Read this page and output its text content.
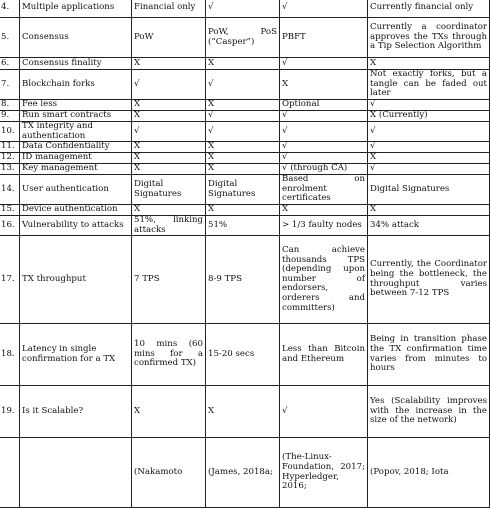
4.	Multiple applications	Financial only	√	√	Currently financial only
5.	Consensus	PoW	PoW, PoS (“Casper”)	PBFT	Currently a coordinator approves the TXs through a Tip Selection Algorithm
6.	Consensus finality	X	X	√	X
7.	Blockchain forks	√	√	X	Not exactly forks, but a tangle can be faded out later
8.	Fee less	X	X	Optional	√
9.	Run smart contracts	X	√	√	X (Currently)
10.	TX integrity and authentication	√	√	√	√
11.	Data Confidentiality	X	X	√	√
12.	ID management	X	X	√	X
13.	Key management	X	X	√ (through CA)	√
14.	User authentication	Digital Signatures	Digital Signatures	Based on enrolment certificates	Digital Signatures
15.	Device authentication	X	X	X	X
16.	Vulnerability to attacks	51%, linking attacks	51%	> 1/3 faulty nodes	34% attack
17.	TX throughput	7 TPS	8-9 TPS	Can achieve thousands TPS (depending upon number of endorsers, orderers and committers)	Currently, the Coordinator being the bottleneck, the throughput varies between 7-12 TPS
18.	Latency in single confirmation for a TX	10 mins (60 mins for a confirmed TX)	15-20 secs	Less than Bitcoin and Ethereum	Being in transition phase the TX confirmation time varies from minutes to hours
19.	Is it Scalable?	X	X	√	Yes (Scalability improves with the increase in the size of the network)
		(Nakamoto	(James, 2018a;	(The-Linux-Foundation, 2017; Hyperledger, 2016;	(Popov, 2018; Iota
